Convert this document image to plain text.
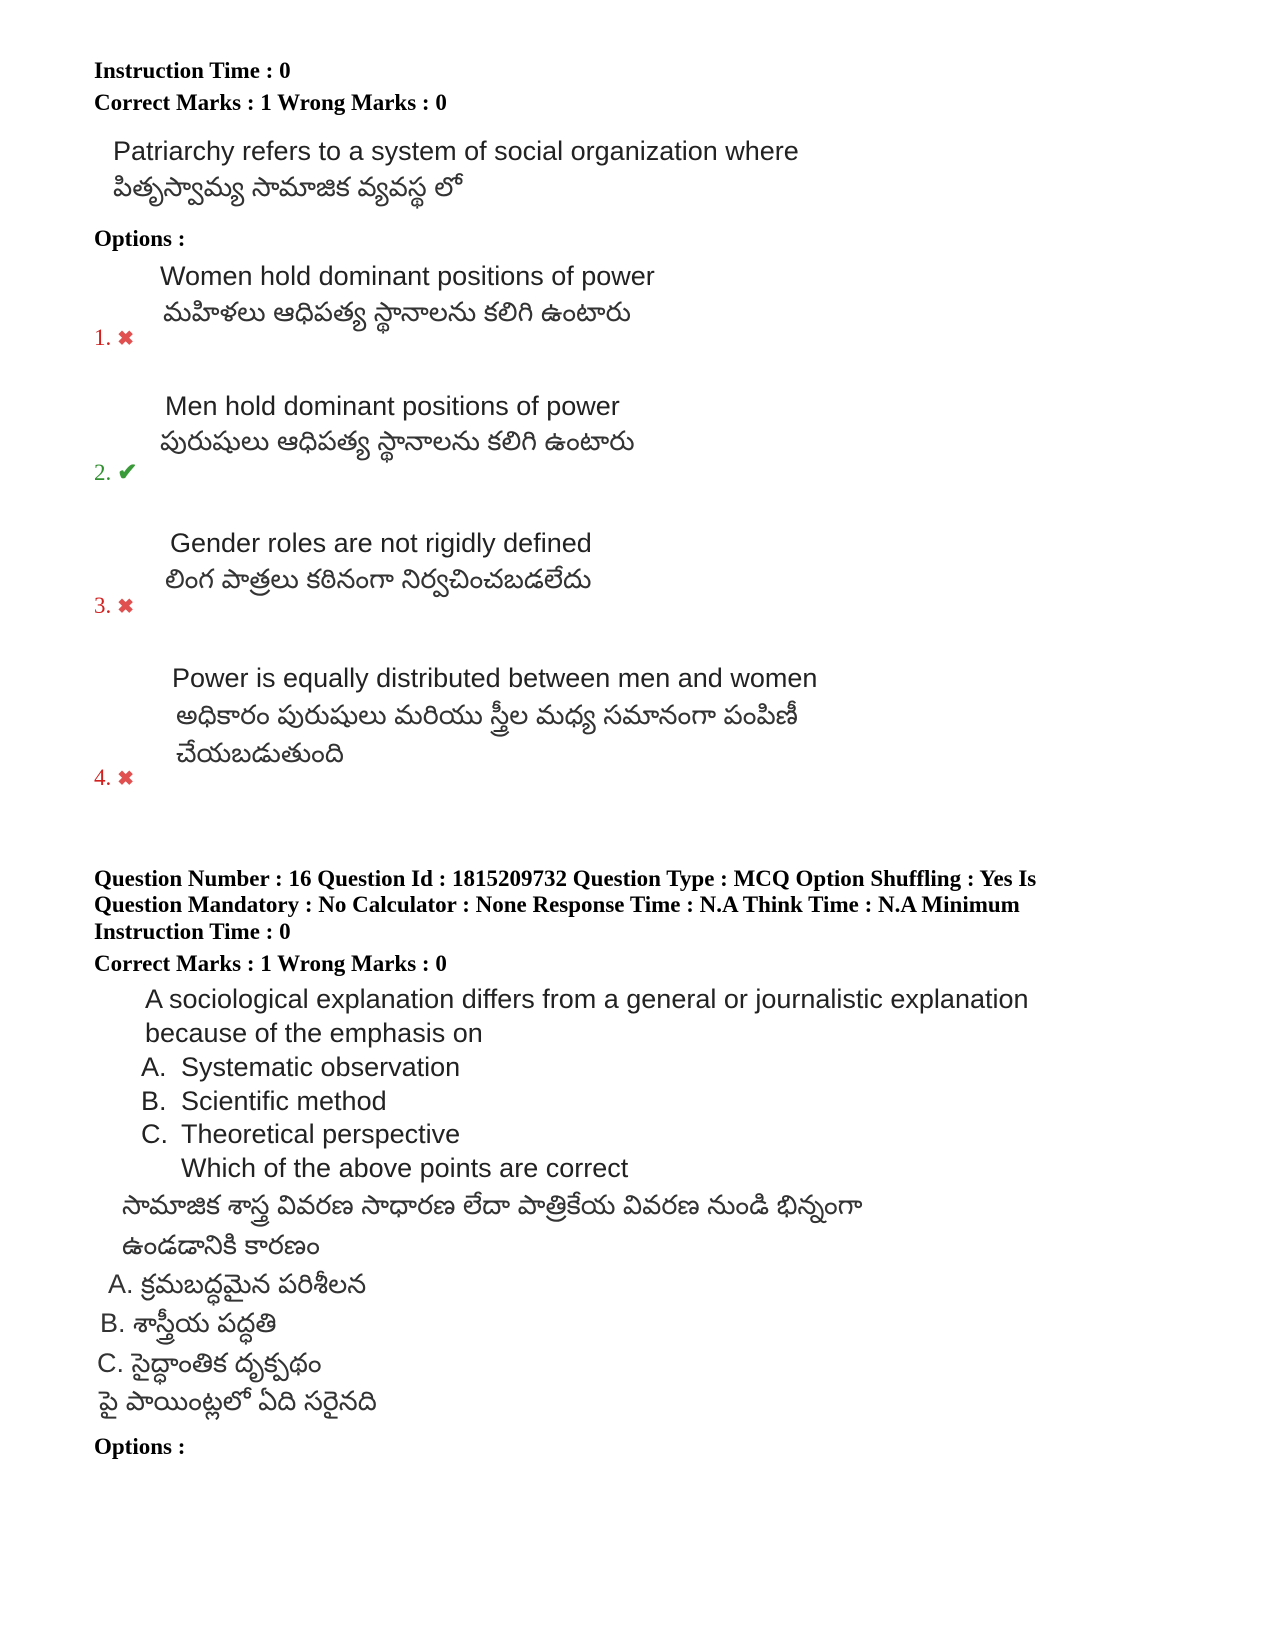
Instruction Time : 0
Correct Marks : 1 Wrong Marks : 0
Patriarchy refers to a system of social organization where
పితృస్వామ్య సామాజిక వ్యవస్థ లో
Options :
Women hold dominant positions of power
మహిళలు ఆధిపత్య స్థానాలను కలిగి ఉంటారు
1. ✖
Men hold dominant positions of power
పురుషులు ఆధిపత్య స్థానాలను కలిగి ఉంటారు
2. ✔
Gender roles are not rigidly defined
లింగ పాత్రలు కఠినంగా నిర్వచించబడలేదు
3. ✖
Power is equally distributed between men and women
అధికారం పురుషులు మరియు స్త్రీల మధ్య సమానంగా పంపిణీ
చేయబడుతుంది
4. ✖
Question Number : 16 Question Id : 1815209732 Question Type : MCQ Option Shuffling : Yes Is
Question Mandatory : No Calculator : None Response Time : N.A Think Time : N.A Minimum
Instruction Time : 0
Correct Marks : 1 Wrong Marks : 0
A sociological explanation differs from a general or journalistic explanation
because of the emphasis on
A. Systematic observation
B. Scientific method
C. Theoretical perspective
Which of the above points are correct
సామాజిక శాస్త్ర వివరణ సాధారణ లేదా పాత్రికేయ వివరణ నుండి భిన్నంగా
ఉండడానికి కారణం
A. క్రమబద్ధమైన పరిశీలన
B. శాస్త్రీయ పద్ధతి
C. సైద్ధాంతిక దృక్పథం
పై పాయింట్లలో ఏది సరైనది
Options :
